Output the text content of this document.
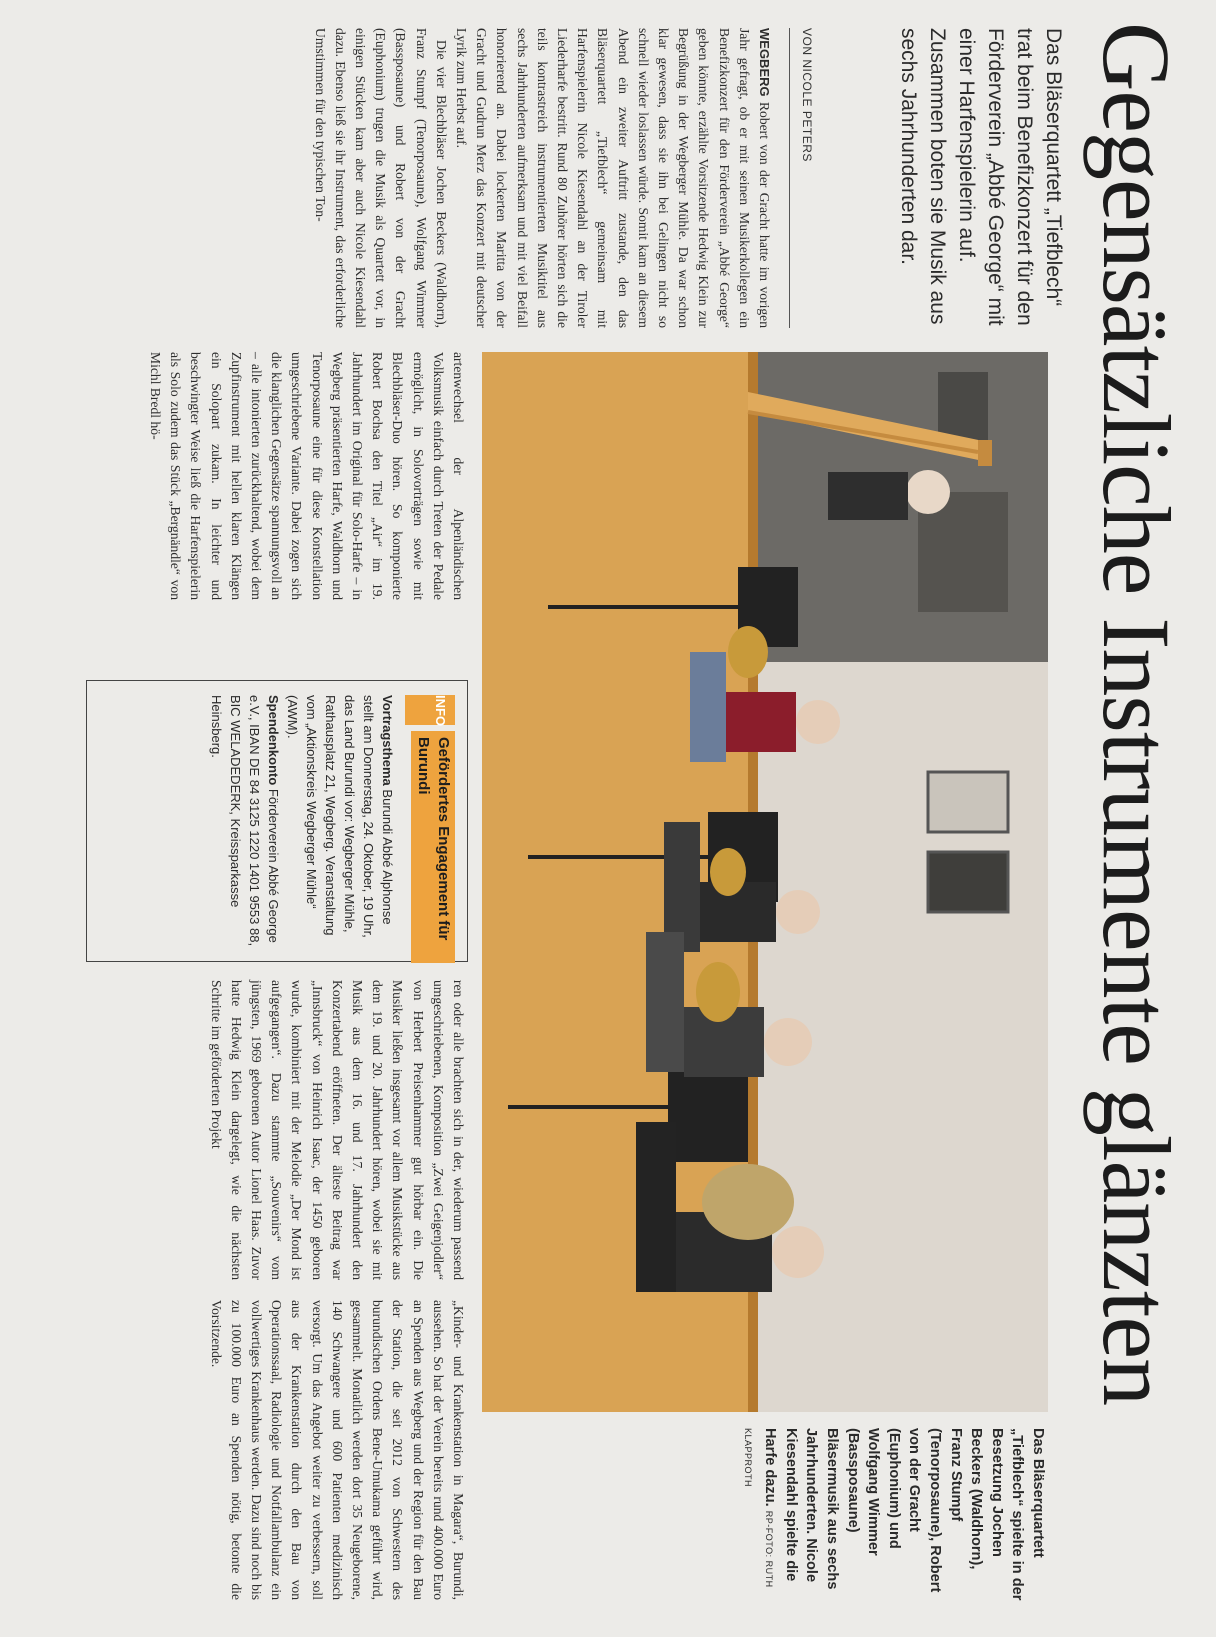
Gegensätzliche Instrumente glänzten
Das Bläserquartett „Tiefblech“ trat beim Benefizkonzert für den Förderverein „Abbé George“ mit einer Harfenspielerin auf. Zusammen boten sie Musik aus sechs Jahrhunderten dar.
VON NICOLE PETERS

WEGBERG Robert von der Gracht hatte im vorigen Jahr gefragt, ob er mit seinen Musikerkollegen ein Benefizkonzert für den Förderverein „Abbé George“ geben könnte, erzählte Vorsitzende Hedwig Klein zur Begrüßung in der Wegberger Mühle. Da war schon klar gewesen, dass sie ihn bei Gelingen nicht so schnell wieder loslassen würde. Somit kam an diesem Abend ein zweiter Auftritt zustande, den das Bläserquartett „Tiefblech“ gemeinsam mit Harfenspielerin Nicole Kiesendahl an der Tiroler Liederharfe bestritt. Rund 80 Zuhörer hörten sich die teils kontrastreich instrumentierten Musiktitel aus sechs Jahrhunderten aufmerksam und mit viel Beifall honorierend an. Dabei lockerten Maritta von der Gracht und Gudrun Merz das Konzert mit deutscher Lyrik zum Herbst auf.

Die vier Blechbläser Jochen Beckers (Waldhorn), Franz Stumpf (Tenorposaune), Wolfgang Wimmer (Bassposaune) und Robert von der Gracht (Euphonium) trugen die Musik als Quartett vor, in einigen Stücken kam aber auch Nicole Kiesendahl dazu. Ebenso ließ sie ihr Instrument, das erforderliche Umstimmen für den typischen Ton-

Das Bläserquartett „Tiefblech“ spielte in der Besetzung Jochen Beckers (Waldhorn), Franz Stumpf (Tenorposaune), Robert von der Gracht (Euphonium) und Wolfgang Wimmer (Bassposaune) Bläsermusik aus sechs Jahrhunderten. Nicole Kiesendahl spielte die Harfe dazu. RP-FOTO: RUTH KLAPPROTH

artenwechsel der Alpenländischen Volksmusik einfach durch Treten der Pedale ermöglicht, in Solovorträgen sowie mit Blechbläser-Duo hören. So komponierte Robert Bochsa den Titel „Air“ im 19. Jahrhundert im Original für Solo-Harfe – in Wegberg präsentierten Harfe, Waldhorn und Tenorposaune eine für diese Konstellation umgeschriebene Variante. Dabei zogen sich die klanglichen Gegensätze spannungsvoll an – alle intonierten zurückhaltend, wobei dem Zupfinstrument mit hellen klaren Klängen ein Solopart zukam. In leichter und beschwingter Weise ließ die Harfenspielerin als Solo zudem das Stück „Bergnändle“ von Michl Bredl hö-

INFO
Gefördertes Engagement für Burundi

Vortragsthema Burundi Abbé Alphonse stellt am Donnerstag, 24. Oktober, 19 Uhr, das Land Burundi vor: Wegberger Mühle, Rathausplatz 21, Wegberg. Veranstaltung vom „Aktionskreis Wegberger Mühle“ (AWM).

Spendenkonto Förderverein Abbé George e.V., IBAN DE 84 3125 1220 1401 9553 88, BIC WELADEDERK, Kreissparkasse Heinsberg.

ren oder alle brachten sich in der, wiederum passend umgeschriebenen, Komposition „Zwei Geigenjodler“ von Herbert Preisenhammer gut hörbar ein. Die Musiker ließen insgesamt vor allem Musikstücke aus dem 19. und 20. Jahrhundert hören, wobei sie mit Musik aus dem 16. und 17. Jahrhundert den Konzertabend eröffneten. Der älteste Beitrag war „Innsbruck“ von Heinrich Isaac, der 1450 geboren wurde, kombiniert mit der Melodie „Der Mond ist aufgegangen“. Dazu stammte „Souvenirs“ vom jüngsten, 1969 geborenen Autor Lionel Haas. Zuvor hatte Hedwig Klein dargelegt, wie die nächsten Schritte im geförderten Projekt

„Kinder- und Krankenstation in Magara“, Burundi, aussehen. So hat der Verein bereits rund 400.000 Euro an Spenden aus Wegberg und der Region für den Bau der Station, die seit 2012 von Schwestern des burundischen Ordens Bene-Umukama geführt wird, gesammelt. Monatlich werden dort 35 Neugeborene, 140 Schwangere und 600 Patienten medizinisch versorgt. Um das Angebot weiter zu verbessern, soll aus der Krankenstation durch den Bau von Operationssaal, Radiologie und Notfallambulanz ein vollwertiges Krankenhaus werden. Dazu sind noch bis zu 100.000 Euro an Spenden nötig, betonte die Vorsitzende.
